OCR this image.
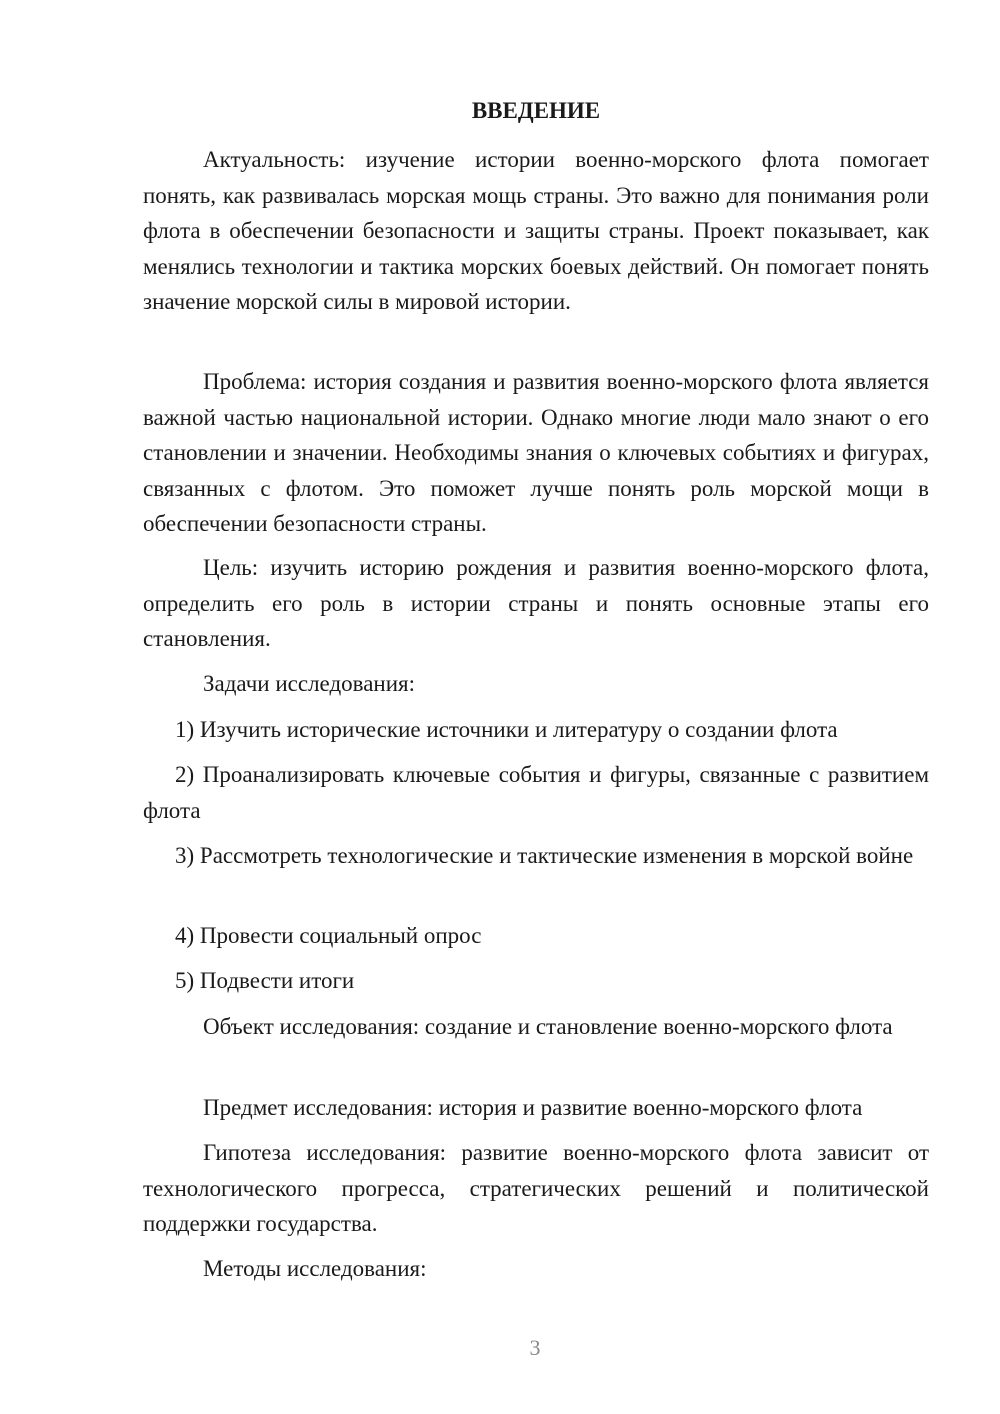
ВВЕДЕНИЕ

Актуальность: изучение истории военно-морского флота помогает понять, как развивалась морская мощь страны. Это важно для понимания роли флота в обеспечении безопасности и защиты страны. Проект показывает, как менялись технологии и тактика морских боевых действий. Он помогает понять значение морской силы в мировой истории.

Проблема: история создания и развития военно-морского флота является важной частью национальной истории. Однако многие люди мало знают о его становлении и значении. Необходимы знания о ключевых событиях и фигурах, связанных с флотом. Это поможет лучше понять роль морской мощи в обеспечении безопасности страны.

Цель: изучить историю рождения и развития военно-морского флота, определить его роль в истории страны и понять основные этапы его становления.

Задачи исследования:

1) Изучить исторические источники и литературу о создании флота

2) Проанализировать ключевые события и фигуры, связанные с развитием флота

3) Рассмотреть технологические и тактические изменения в морской войне

4) Провести социальный опрос

5) Подвести итоги

Объект исследования: создание и становление военно-морского флота

Предмет исследования: история и развитие военно-морского флота

Гипотеза исследования: развитие военно-морского флота зависит от технологического прогресса, стратегических решений и политической поддержки государства.

Методы исследования:

3
